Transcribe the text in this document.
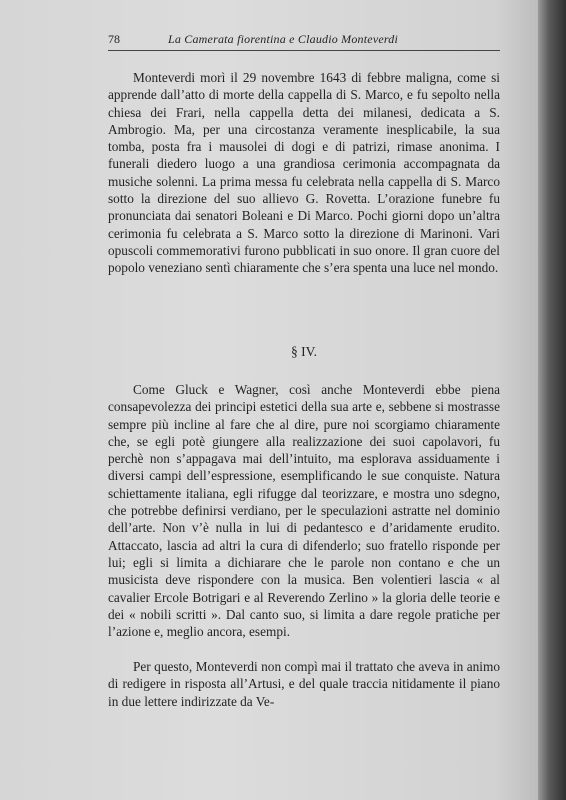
78	La Camerata fiorentina e Claudio Monteverdi

Monteverdi morì il 29 novembre 1643 di febbre maligna, come si apprende dall’atto di morte della cappella di S. Marco, e fu sepolto nella chiesa dei Frari, nella cappella detta dei milanesi, dedicata a S. Ambrogio. Ma, per una circostanza veramente inesplicabile, la sua tomba, posta fra i mausolei di dogi e di patrizi, rimase anonima. I funerali diedero luogo a una grandiosa cerimonia accompagnata da musiche solenni. La prima messa fu celebrata nella cappella di S. Marco sotto la direzione del suo allievo G. Rovetta. L’orazione funebre fu pronunciata dai senatori Boleani e Di Marco. Pochi giorni dopo un’altra cerimonia fu celebrata a S. Marco sotto la direzione di Marinoni. Vari opuscoli commemorativi furono pubblicati in suo onore. Il gran cuore del popolo veneziano sentì chiaramente che s’era spenta una luce nel mondo.

§ IV.

Come Gluck e Wagner, così anche Monteverdi ebbe piena consapevolezza dei principi estetici della sua arte e, sebbene si mostrasse sempre più incline al fare che al dire, pure noi scorgiamo chiaramente che, se egli potè giungere alla realizzazione dei suoi capolavori, fu perchè non s’appagava mai dell’intuito, ma esplorava assiduamente i diversi campi dell’espressione, esemplificando le sue conquiste. Natura schiettamente italiana, egli rifugge dal teorizzare, e mostra uno sdegno, che potrebbe definirsi verdiano, per le speculazioni astratte nel dominio dell’arte. Non v’è nulla in lui di pedantesco e d’aridamente erudito. Attaccato, lascia ad altri la cura di difenderlo; suo fratello risponde per lui; egli si limita a dichiarare che le parole non contano e che un musicista deve rispondere con la musica. Ben volentieri lascia « al cavalier Ercole Botrigari e al Reverendo Zerlino » la gloria delle teorie e dei « nobili scritti ». Dal canto suo, si limita a dare regole pratiche per l’azione e, meglio ancora, esempi.

Per questo, Monteverdi non compì mai il trattato che aveva in animo di redigere in risposta all’Artusi, e del quale traccia nitidamente il piano in due lettere indirizzate da Ve-
